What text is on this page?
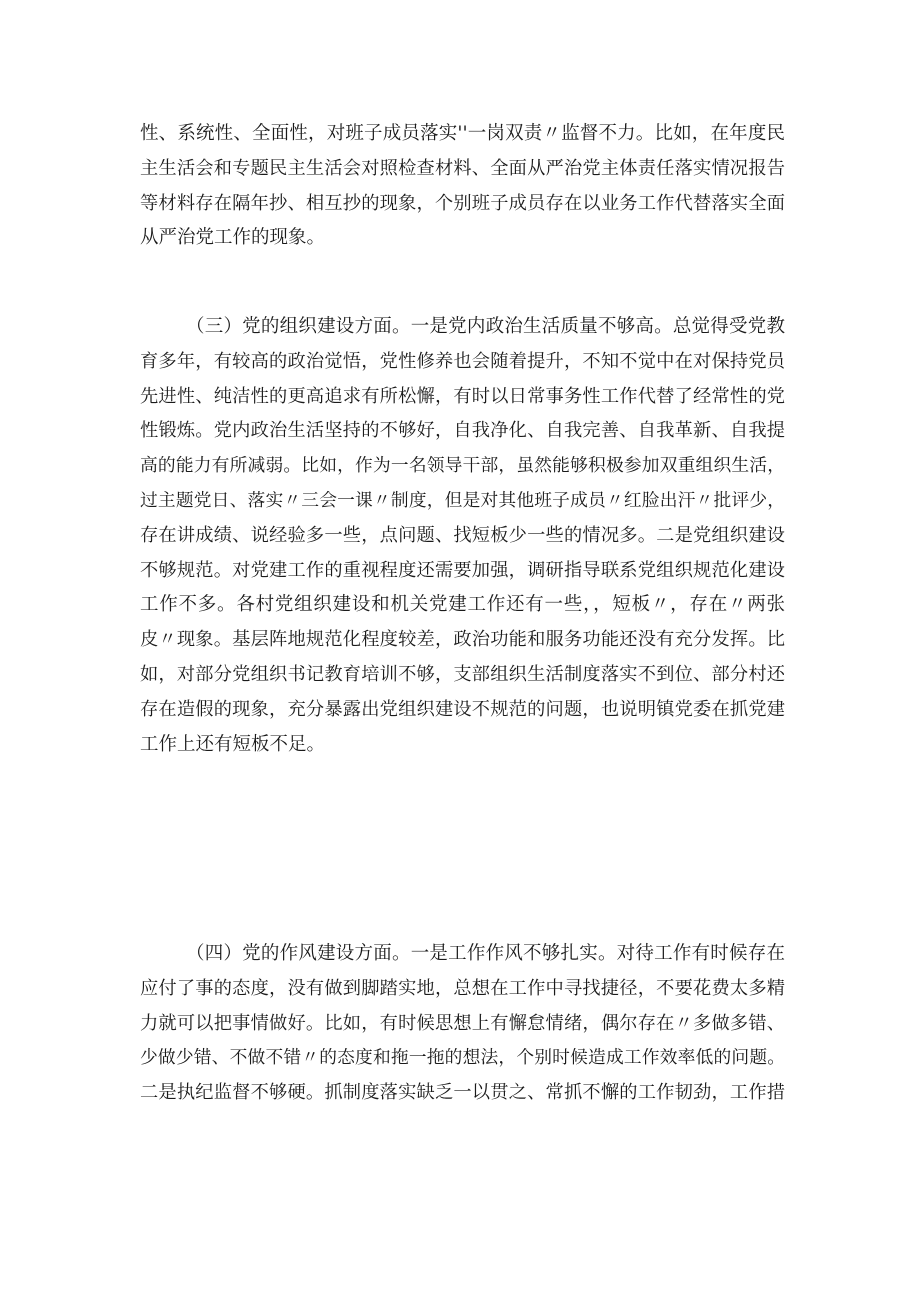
性、系统性、全面性，对班子成员落实''一岗双责〃监督不力。比如，在年度民
主生活会和专题民主生活会对照检查材料、全面从严治党主体责任落实情况报告
等材料存在隔年抄、相互抄的现象，个别班子成员存在以业务工作代替落实全面
从严治党工作的现象。
（三）党的组织建设方面。一是党内政治生活质量不够高。总觉得受党教
育多年，有较高的政治觉悟，党性修养也会随着提升，不知不觉中在对保持党员
先进性、纯洁性的更高追求有所松懈，有时以日常事务性工作代替了经常性的党
性锻炼。党内政治生活坚持的不够好，自我净化、自我完善、自我革新、自我提
高的能力有所减弱。比如，作为一名领导干部，虽然能够积极参加双重组织生活，
过主题党日、落实〃三会一课〃制度，但是对其他班子成员〃红脸出汗〃批评少，
存在讲成绩、说经验多一些，点问题、找短板少一些的情况多。二是党组织建设
不够规范。对党建工作的重视程度还需要加强，调研指导联系党组织规范化建设
工作不多。各村党组织建设和机关党建工作还有一些，，短板〃，存在〃两张
皮〃现象。基层阵地规范化程度较差，政治功能和服务功能还没有充分发挥。比
如，对部分党组织书记教育培训不够，支部组织生活制度落实不到位、部分村还
存在造假的现象，充分暴露出党组织建设不规范的问题，也说明镇党委在抓党建
工作上还有短板不足。
（四）党的作风建设方面。一是工作作风不够扎实。对待工作有时候存在
应付了事的态度，没有做到脚踏实地，总想在工作中寻找捷径，不要花费太多精
力就可以把事情做好。比如，有时候思想上有懈怠情绪，偶尔存在〃多做多错、
少做少错、不做不错〃的态度和拖一拖的想法，个别时候造成工作效率低的问题。
二是执纪监督不够硬。抓制度落实缺乏一以贯之、常抓不懈的工作韧劲，工作措
